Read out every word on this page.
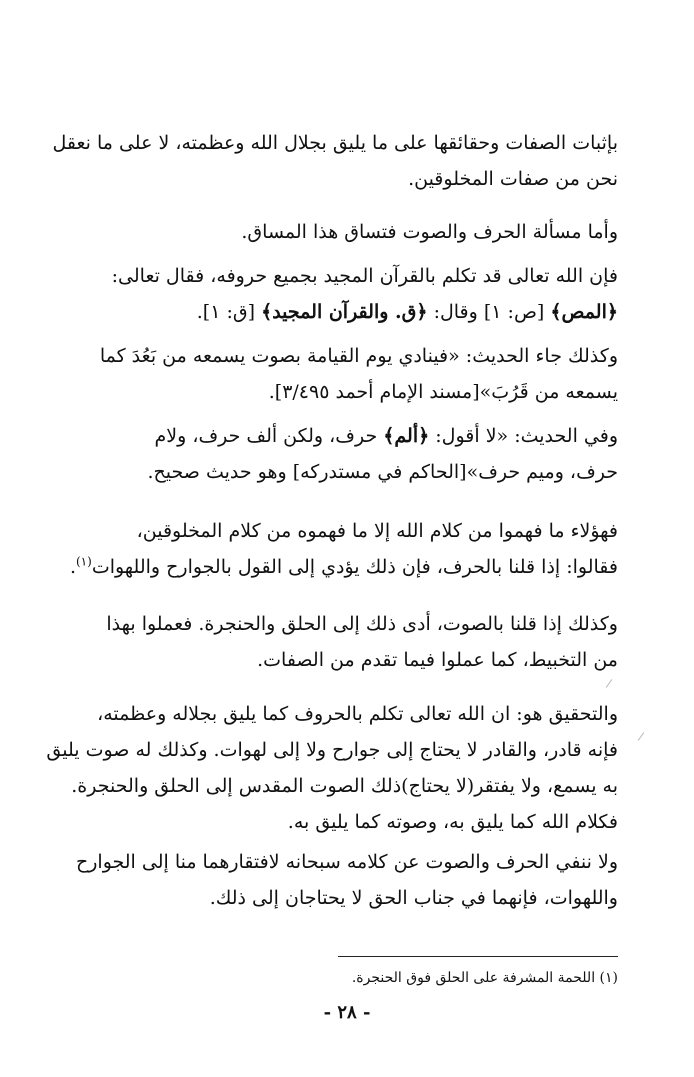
بإثبات الصفات وحقائقها على ما يليق بجلال الله وعظمته، لا على ما نعقل
نحن من صفات المخلوقين.
وأما مسألة الحرف والصوت فتساق هذا المساق.
فإن الله تعالى قد تكلم بالقرآن المجيد بجميع حروفه، فقال تعالى:
﴿المص﴾ [ص: ١] وقال: ﴿ق. والقرآن المجيد﴾ [ق: ١].
وكذلك جاء الحديث: «فينادي يوم القيامة بصوت يسمعه من بَعُدَ كما
يسمعه من قَرُبَ»[مسند الإمام أحمد ٣/٤٩٥].
وفي الحديث: «لا أقول: ﴿ألم﴾ حرف، ولكن ألف حرف، ولام
حرف، وميم حرف»[الحاكم في مستدركه] وهو حديث صحيح.
فهؤلاء ما فهموا من كلام الله إلا ما فهموه من كلام المخلوقين،
فقالوا: إذا قلنا بالحرف، فإن ذلك يؤدي إلى القول بالجوارح واللهوات$^{(١)}$.
وكذلك إذا قلنا بالصوت، أدى ذلك إلى الحلق والحنجرة. فعملوا بهذا
من التخبيط، كما عملوا فيما تقدم من الصفات.
والتحقيق هو: ان الله تعالى تكلم بالحروف كما يليق بجلاله وعظمته،
فإنه قادر، والقادر لا يحتاج إلى جوارح ولا إلى لهوات. وكذلك له صوت يليق
به يسمع، ولا يفتقر(لا يحتاج)ذلك الصوت المقدس إلى الحلق والحنجرة.
فكلام الله كما يليق به، وصوته كما يليق به.
ولا ننفي الحرف والصوت عن كلامه سبحانه لافتقارهما منا إلى الجوارح
واللهوات، فإنهما في جناب الحق لا يحتاجان إلى ذلك.
(١) اللحمة المشرفة على الحلق فوق الحنجرة.
- ٢٨ -
